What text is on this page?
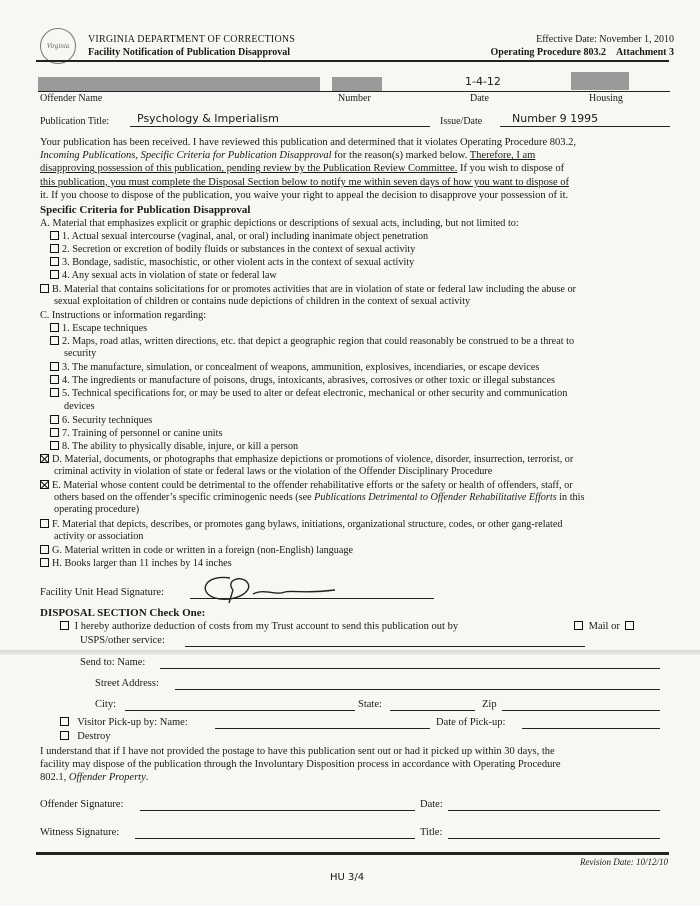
Virginia
VIRGINIA DEPARTMENT OF CORRECTIONS
Facility Notification of Publication Disapproval
Effective Date: November 1, 2010
Operating Procedure 803.2 Attachment 3
1-4-12
Offender Name	Number	Date	Housing
Publication Title:	Psychology & Imperialism	Issue/Date	Number 9 1995
Your publication has been received. I have reviewed this publication and determined that it violates Operating Procedure 803.2,
Incoming Publications, Specific Criteria for Publication Disapproval for the reason(s) marked below. Therefore, I am
disapproving possession of this publication, pending review by the Publication Review Committee. If you wish to dispose of
this publication, you must complete the Disposal Section below to notify me within seven days of how you want to dispose of
it. If you choose to dispose of the publication, you waive your right to appeal the decision to disapprove your possession of it.
Specific Criteria for Publication Disapproval
A. Material that emphasizes explicit or graphic depictions or descriptions of sexual acts, including, but not limited to:
1. Actual sexual intercourse (vaginal, anal, or oral) including inanimate object penetration
2. Secretion or excretion of bodily fluids or substances in the context of sexual activity
3. Bondage, sadistic, masochistic, or other violent acts in the context of sexual activity
4. Any sexual acts in violation of state or federal law
B. Material that contains solicitations for or promotes activities that are in violation of state or federal law including the abuse or
sexual exploitation of children or contains nude depictions of children in the context of sexual activity
C. Instructions or information regarding:
1. Escape techniques
2. Maps, road atlas, written directions, etc. that depict a geographic region that could reasonably be construed to be a threat to
security
3. The manufacture, simulation, or concealment of weapons, ammunition, explosives, incendiaries, or escape devices
4. The ingredients or manufacture of poisons, drugs, intoxicants, abrasives, corrosives or other toxic or illegal substances
5. Technical specifications for, or may be used to alter or defeat electronic, mechanical or other security and communication
devices
6. Security techniques
7. Training of personnel or canine units
8. The ability to physically disable, injure, or kill a person
D. Material, documents, or photographs that emphasize depictions or promotions of violence, disorder, insurrection, terrorist, or
criminal activity in violation of state or federal laws or the violation of the Offender Disciplinary Procedure
E. Material whose content could be detrimental to the offender rehabilitative efforts or the safety or health of offenders, staff, or
others based on the offender’s specific criminogenic needs (see Publications Detrimental to Offender Rehabilitative Efforts in this
operating procedure)
F. Material that depicts, describes, or promotes gang bylaws, initiations, organizational structure, codes, or other gang-related
activity or association
G. Material written in code or written in a foreign (non-English) language
H. Books larger than 11 inches by 14 inches
Facility Unit Head Signature:
DISPOSAL SECTION Check One:
I hereby authorize deduction of costs from my Trust account to send this publication out by	Mail or
USPS/other service:
Send to: Name:
Street Address:
City:	State:	Zip
Visitor Pick-up by: Name:	Date of Pick-up:
Destroy
I understand that if I have not provided the postage to have this publication sent out or had it picked up within 30 days, the
facility may dispose of the publication through the Involuntary Disposition process in accordance with Operating Procedure
802.1, Offender Property.
Offender Signature:	Date:
Witness Signature:	Title:
Revision Date: 10/12/10
HU 3/4
